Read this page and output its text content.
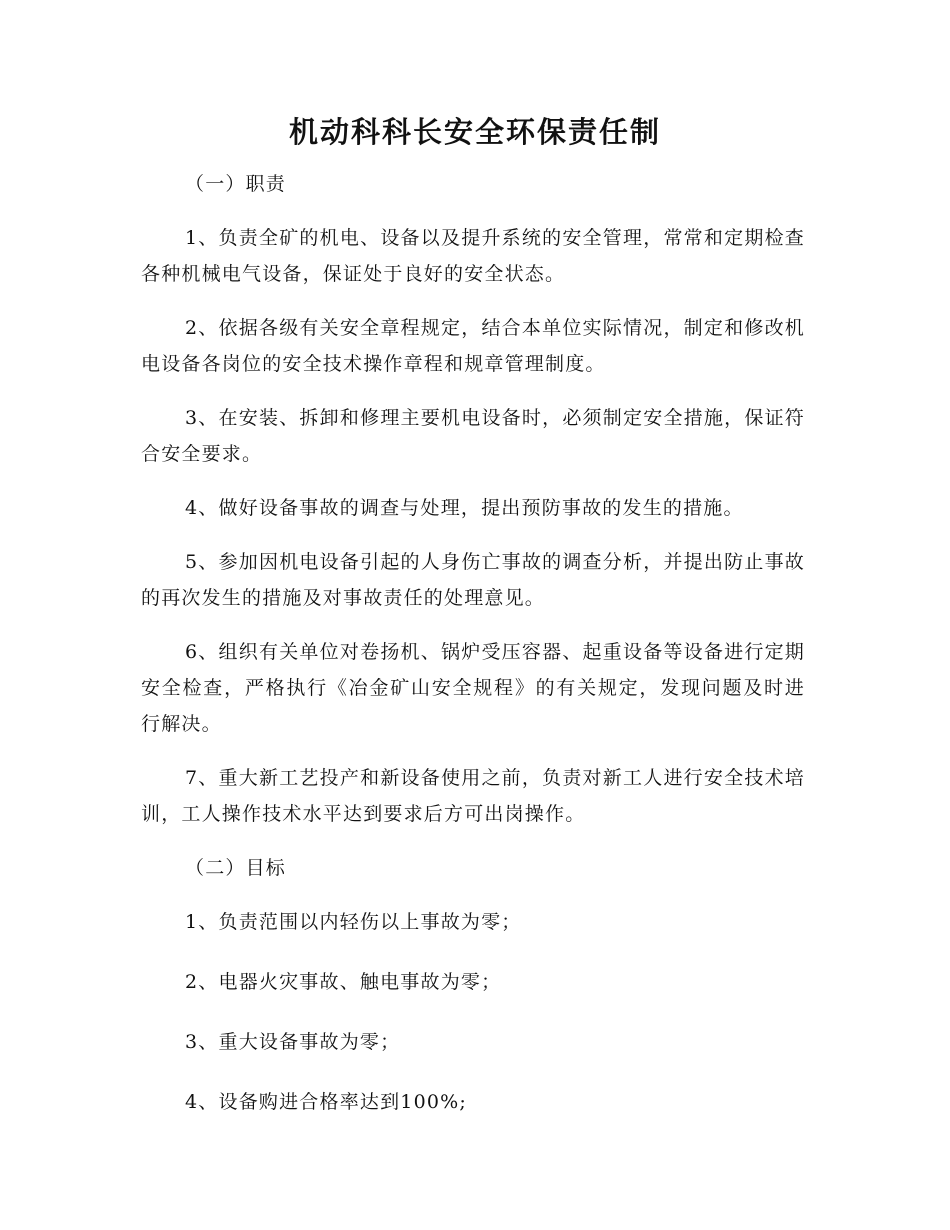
机动科科长安全环保责任制

（一）职责

1、负责全矿的机电、设备以及提升系统的安全管理，常常和定期检查各种机械电气设备，保证处于良好的安全状态。

2、依据各级有关安全章程规定，结合本单位实际情况，制定和修改机电设备各岗位的安全技术操作章程和规章管理制度。

3、在安装、拆卸和修理主要机电设备时，必须制定安全措施，保证符合安全要求。

4、做好设备事故的调查与处理，提出预防事故的发生的措施。

5、参加因机电设备引起的人身伤亡事故的调查分析，并提出防止事故的再次发生的措施及对事故责任的处理意见。

6、组织有关单位对卷扬机、锅炉受压容器、起重设备等设备进行定期安全检查，严格执行《冶金矿山安全规程》的有关规定，发现问题及时进行解决。

7、重大新工艺投产和新设备使用之前，负责对新工人进行安全技术培训，工人操作技术水平达到要求后方可出岗操作。

（二）目标

1、负责范围以内轻伤以上事故为零；

2、电器火灾事故、触电事故为零；

3、重大设备事故为零；

4、设备购进合格率达到100%;
